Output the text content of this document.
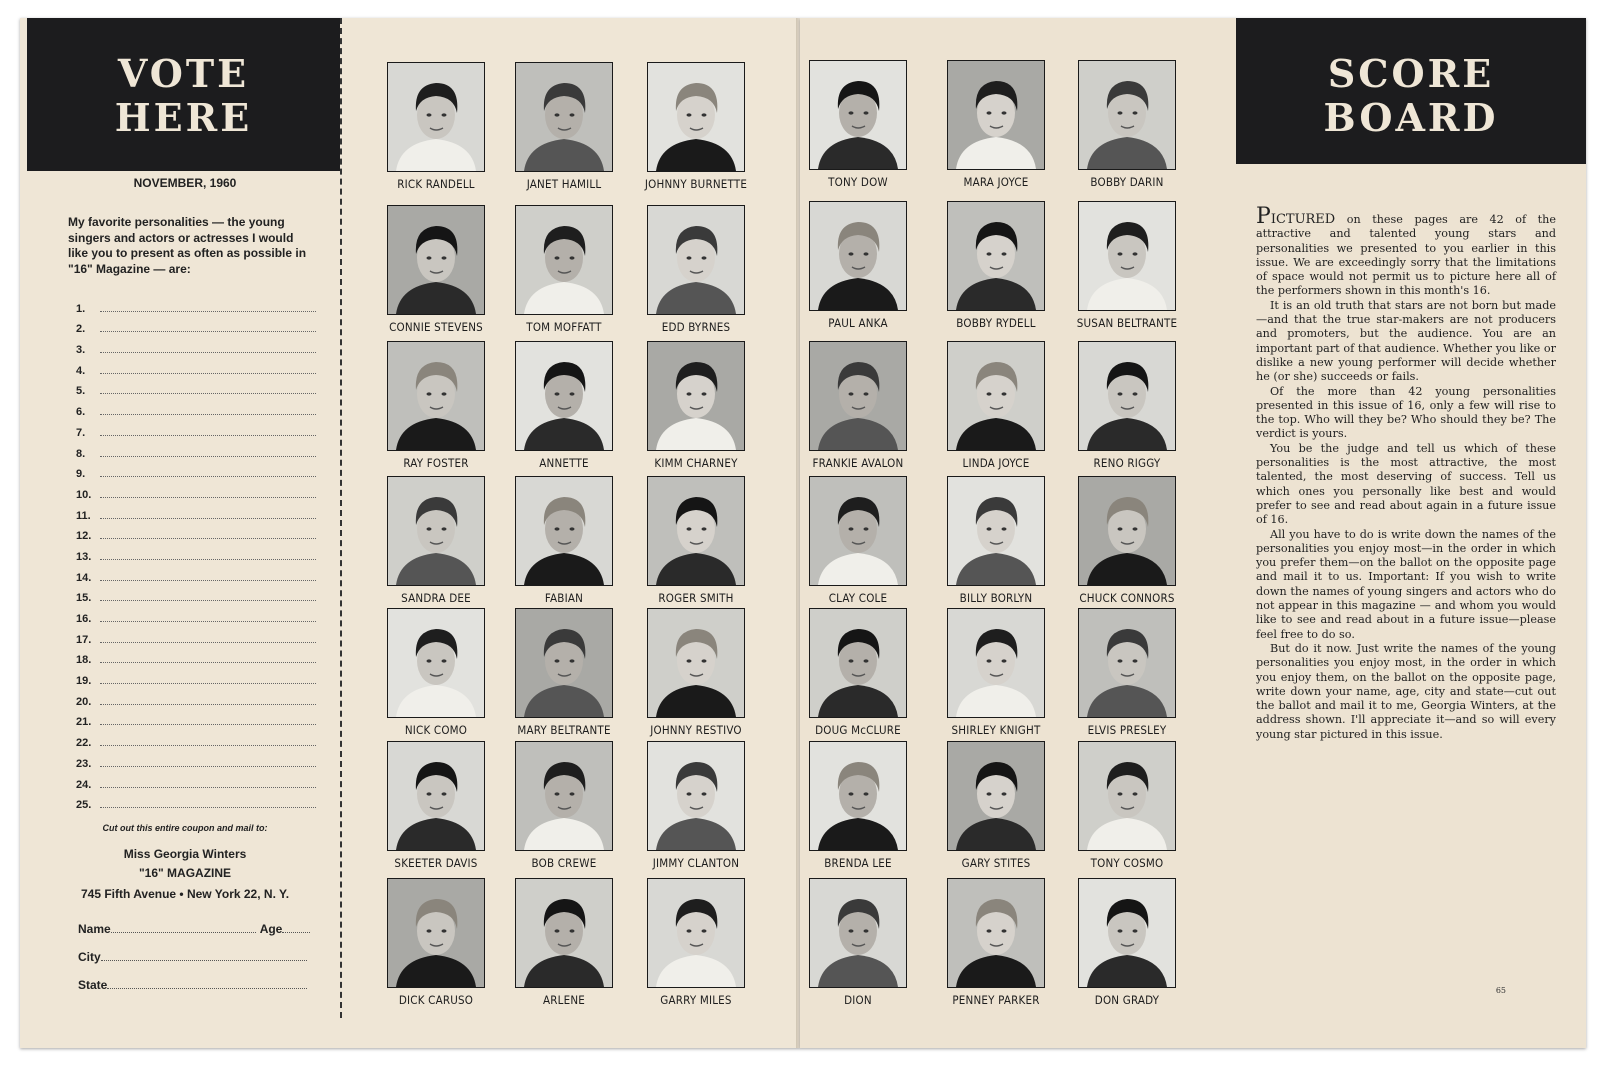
VOTE
HERE
NOVEMBER, 1960
My favorite personalities — the young singers and actors or actresses I would like you to present as often as possible in "16" Magazine — are:
1.
2.
3.
4.
5.
6.
7.
8.
9.
10.
11.
12.
13.
14.
15.
16.
17.
18.
19.
20.
21.
22.
23.
24.
25.
Cut out this entire coupon and mail to:
Miss Georgia Winters
"16" MAGAZINE
745 Fifth Avenue • New York 22, N. Y.
Name	Age
City
State
RICK RANDELL	JANET HAMILL	JOHNNY BURNETTE
CONNIE STEVENS	TOM MOFFATT	EDD BYRNES
RAY FOSTER	ANNETTE	KIMM CHARNEY
SANDRA DEE	FABIAN	ROGER SMITH
NICK COMO	MARY BELTRANTE	JOHNNY RESTIVO
SKEETER DAVIS	BOB CREWE	JIMMY CLANTON
DICK CARUSO	ARLENE	GARRY MILES
TONY DOW	MARA JOYCE	BOBBY DARIN
PAUL ANKA	BOBBY RYDELL	SUSAN BELTRANTE
FRANKIE AVALON	LINDA JOYCE	RENO RIGGY
CLAY COLE	BILLY BORLYN	CHUCK CONNORS
DOUG McCLURE	SHIRLEY KNIGHT	ELVIS PRESLEY
BRENDA LEE	GARY STITES	TONY COSMO
DION	PENNEY PARKER	DON GRADY
SCORE
BOARD

PICTURED on these pages are 42 of the attractive and talented young stars and personalities we presented to you earlier in this issue. We are exceedingly sorry that the limitations of space would not permit us to picture here all of the performers shown in this month's 16.

It is an old truth that stars are not born but made—and that the true star-makers are not producers and promoters, but the audience. You are an important part of that audience. Whether you like or dislike a new young performer will decide whether he (or she) succeeds or fails.

Of the more than 42 young personalities presented in this issue of 16, only a few will rise to the top. Who will they be? Who should they be? The verdict is yours.

You be the judge and tell us which of these personalities is the most attractive, the most talented, the most deserving of success. Tell us which ones you personally like best and would prefer to see and read about again in a future issue of 16.

All you have to do is write down the names of the personalities you enjoy most—in the order in which you prefer them—on the ballot on the opposite page and mail it to us. Important: If you wish to write down the names of young singers and actors who do not appear in this magazine — and whom you would like to see and read about in a future issue—please feel free to do so.

But do it now. Just write the names of the young personalities you enjoy most, in the order in which you enjoy them, on the ballot on the opposite page, write down your name, age, city and state—cut out the ballot and mail it to me, Georgia Winters, at the address shown. I'll appreciate it—and so will every young star pictured in this issue.

65
